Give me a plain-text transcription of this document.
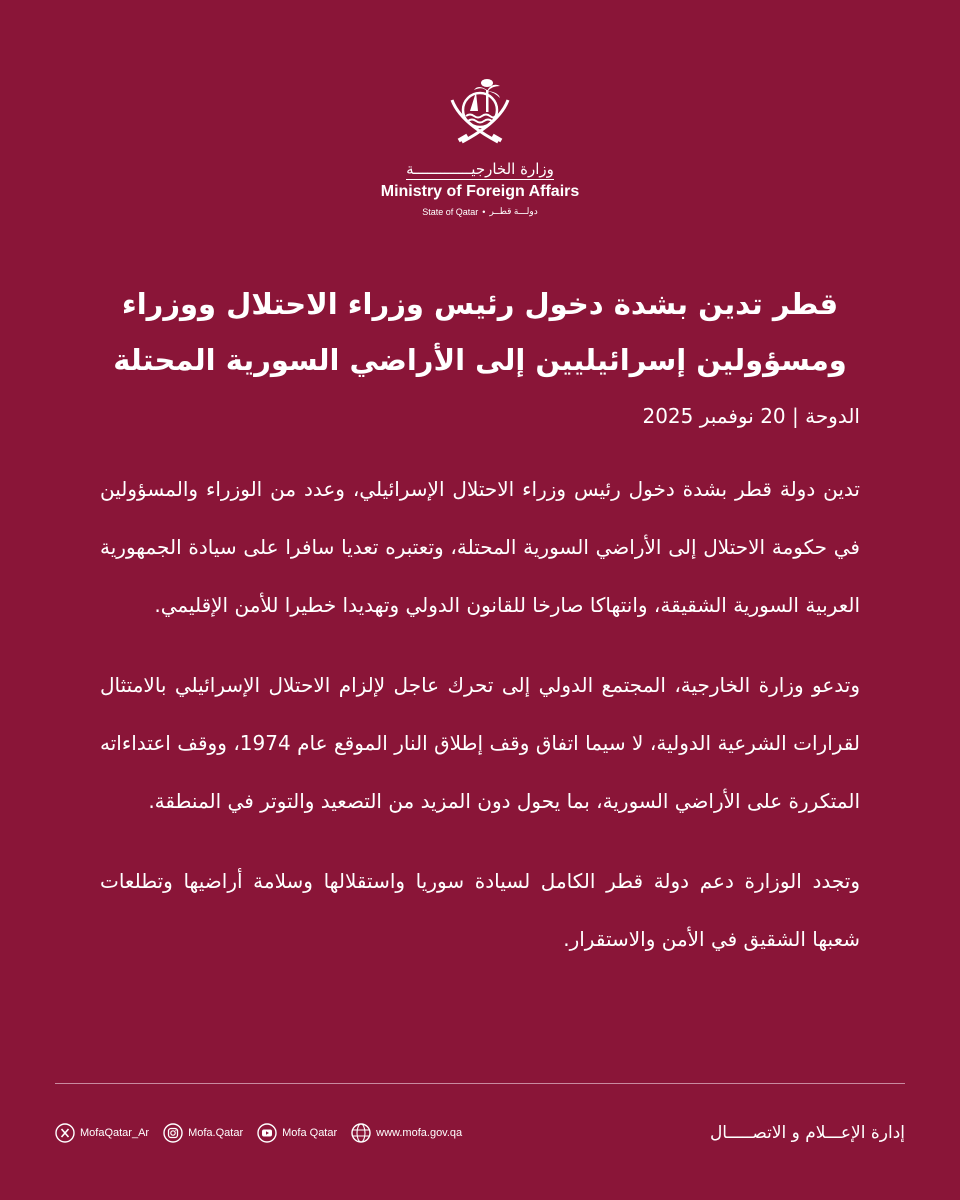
وزارة الخارجيـــــــــــــة
Ministry of Foreign Affairs
State of Qatar • دولـــة قطــر
قطر تدين بشدة دخول رئيس وزراء الاحتلال ووزراء ومسؤولين إسرائيليين إلى الأراضي السورية المحتلة

الدوحة | 20 نوفمبر 2025

تدين دولة قطر بشدة دخول رئيس وزراء الاحتلال الإسرائيلي، وعدد من الوزراء والمسؤولين في حكومة الاحتلال إلى الأراضي السورية المحتلة، وتعتبره تعديا سافرا على سيادة الجمهورية العربية السورية الشقيقة، وانتهاكا صارخا للقانون الدولي وتهديدا خطيرا للأمن الإقليمي.

وتدعو وزارة الخارجية، المجتمع الدولي إلى تحرك عاجل لإلزام الاحتلال الإسرائيلي بالامتثال لقرارات الشرعية الدولية، لا سيما اتفاق وقف إطلاق النار الموقع عام 1974، ووقف اعتداءاته المتكررة على الأراضي السورية، بما يحول دون المزيد من التصعيد والتوتر في المنطقة.

وتجدد الوزارة دعم دولة قطر الكامل لسيادة سوريا واستقلالها وسلامة أراضيها وتطلعات شعبها الشقيق في الأمن والاستقرار.

MofaQatar_Ar	Mofa.Qatar	Mofa Qatar	www.mofa.gov.qa	إدارة الإعـــلام و الاتصـــــال
